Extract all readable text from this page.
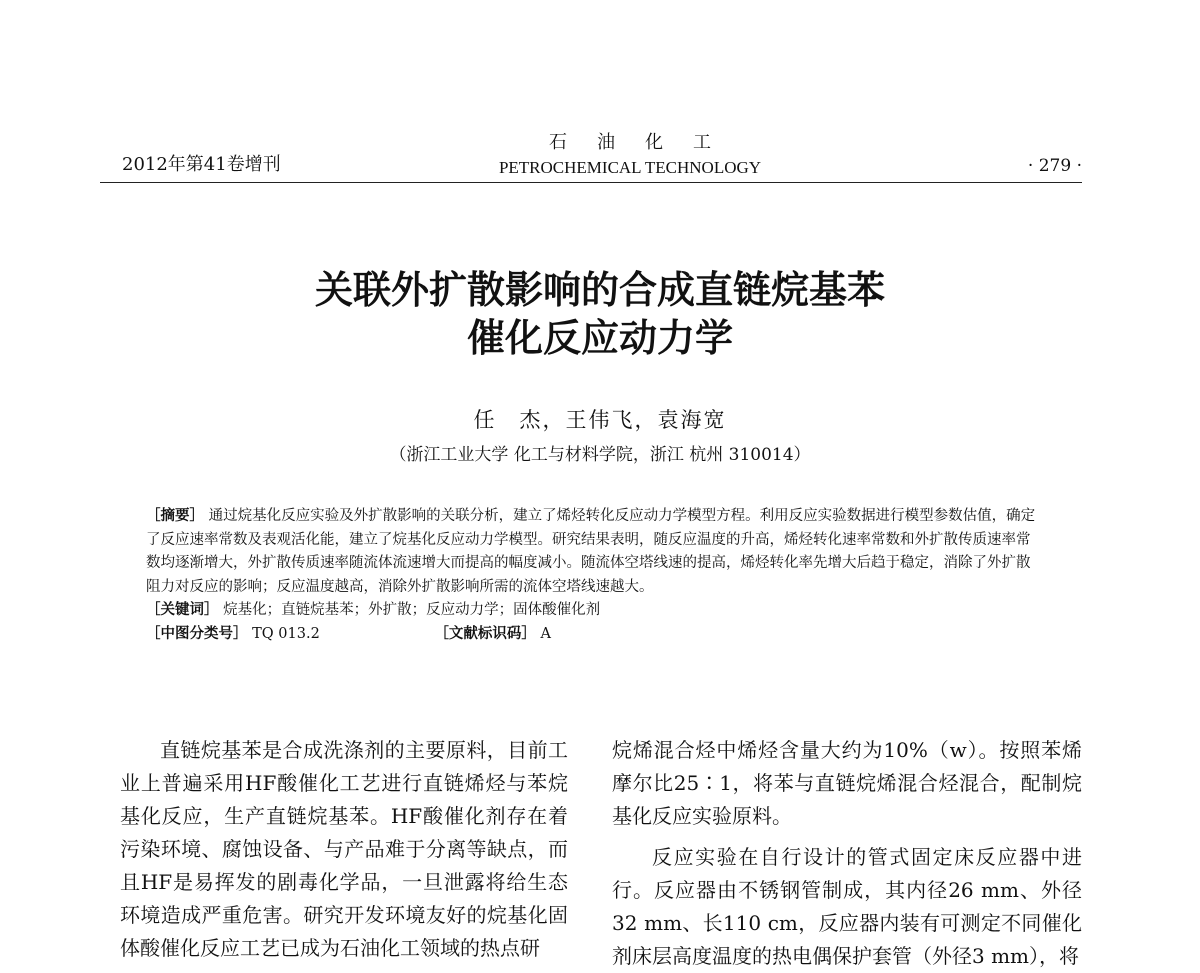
2012年第41卷增刊
石油化工
PETROCHEMICAL TECHNOLOGY	· 279 ·
关联外扩散影响的合成直链烷基苯
催化反应动力学
任　杰，王伟飞，袁海宽
（浙江工业大学 化工与材料学院，浙江 杭州 310014）

［摘要］ 通过烷基化反应实验及外扩散影响的关联分析，建立了烯烃转化反应动力学模型方程。利用反应实验数据进行模型参数估值，确定了反应速率常数及表观活化能，建立了烷基化反应动力学模型。研究结果表明，随反应温度的升高，烯烃转化速率常数和外扩散传质速率常数均逐渐增大，外扩散传质速率随流体流速增大而提高的幅度减小。随流体空塔线速的提高，烯烃转化率先增大后趋于稳定，消除了外扩散阻力对反应的影响；反应温度越高，消除外扩散影响所需的流体空塔线速越大。

［关键词］ 烷基化；直链烷基苯；外扩散；反应动力学；固体酸催化剂

［中图分类号］ TQ 013.2	［文献标识码］ A

直链烷基苯是合成洗涤剂的主要原料，目前工业上普遍采用HF酸催化工艺进行直链烯烃与苯烷基化反应，生产直链烷基苯。HF酸催化剂存在着污染环境、腐蚀设备、与产品难于分离等缺点，而且HF是易挥发的剧毒化学品，一旦泄露将给生态环境造成严重危害。研究开发环境友好的烷基化固体酸催化反应工艺已成为石油化工领域的热点研

烷烯混合烃中烯烃含量大约为10%（w）。按照苯烯摩尔比25∶1，将苯与直链烷烯混合烃混合，配制烷基化反应实验原料。

反应实验在自行设计的管式固定床反应器中进行。反应器由不锈钢管制成，其内径26 mm、外径32 mm、长110 cm，反应器内装有可测定不同催化剂床层高度温度的热电偶保护套管（外径3 mm），将
